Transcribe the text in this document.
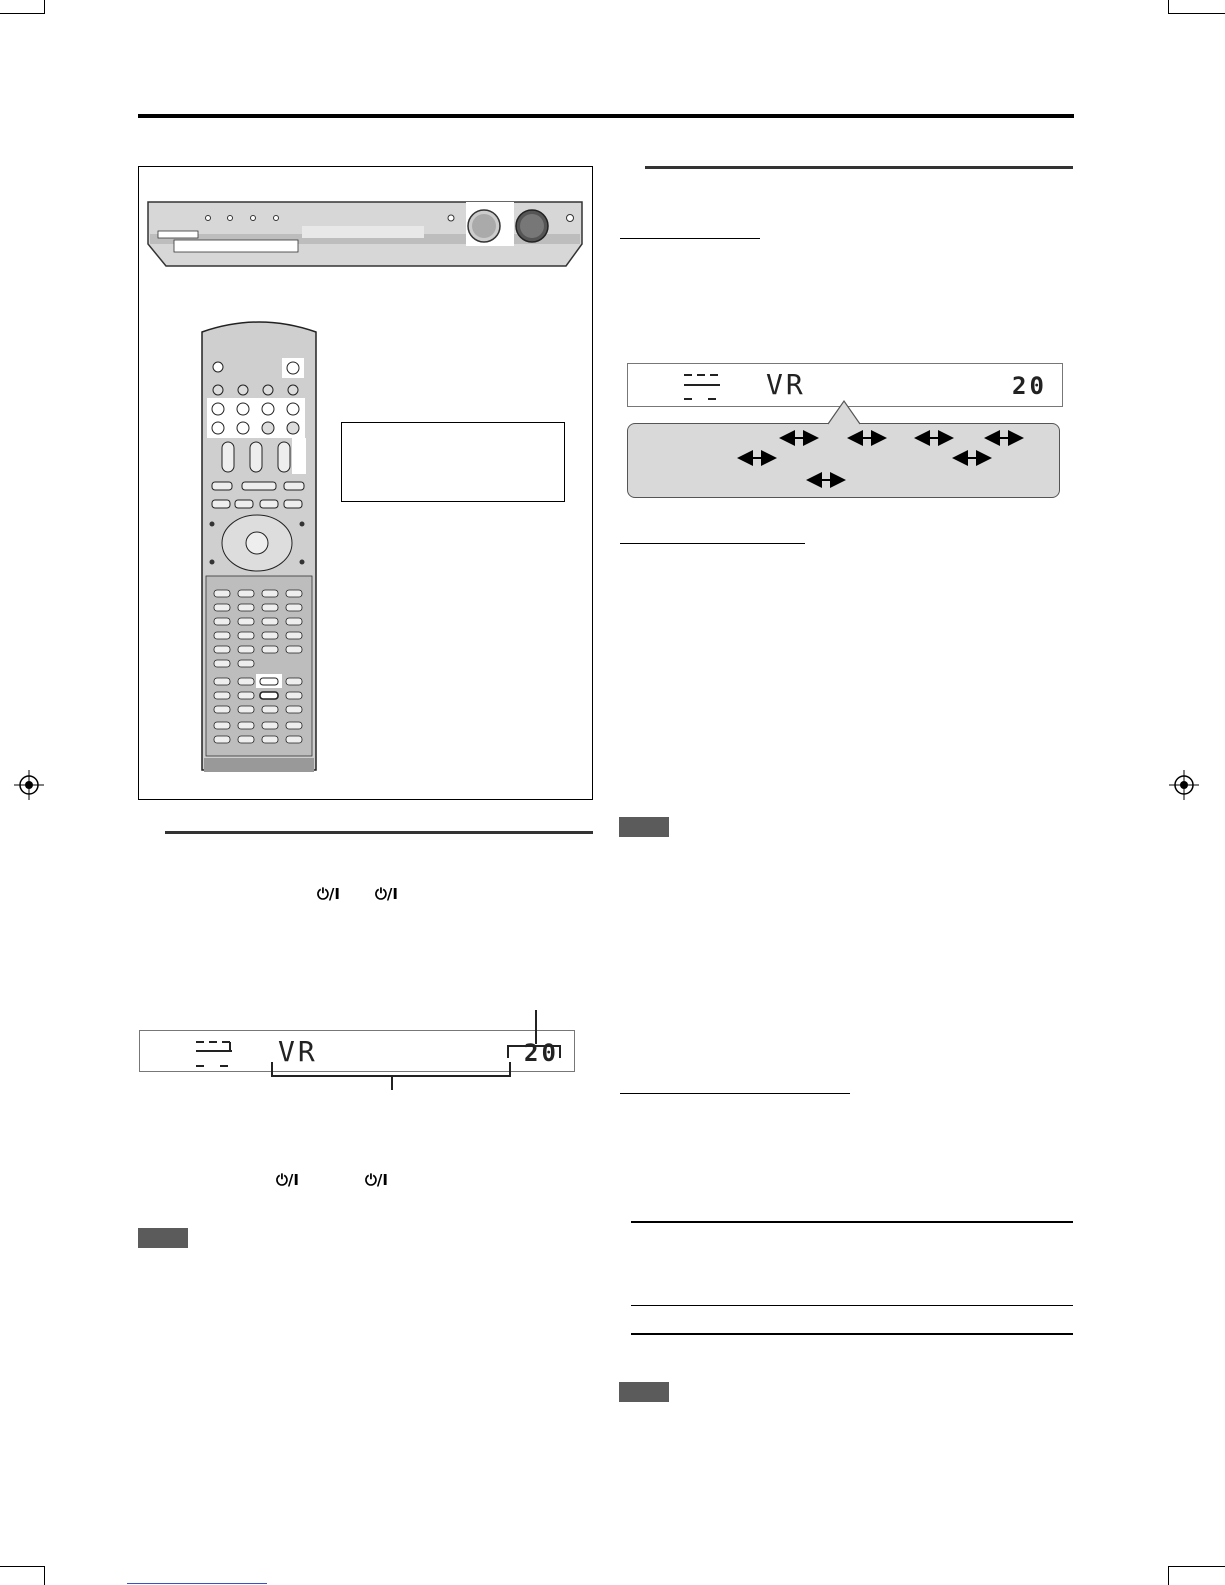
⏻/I ⏻/I
VR	20
⏻/I	⏻/I
VR	20
